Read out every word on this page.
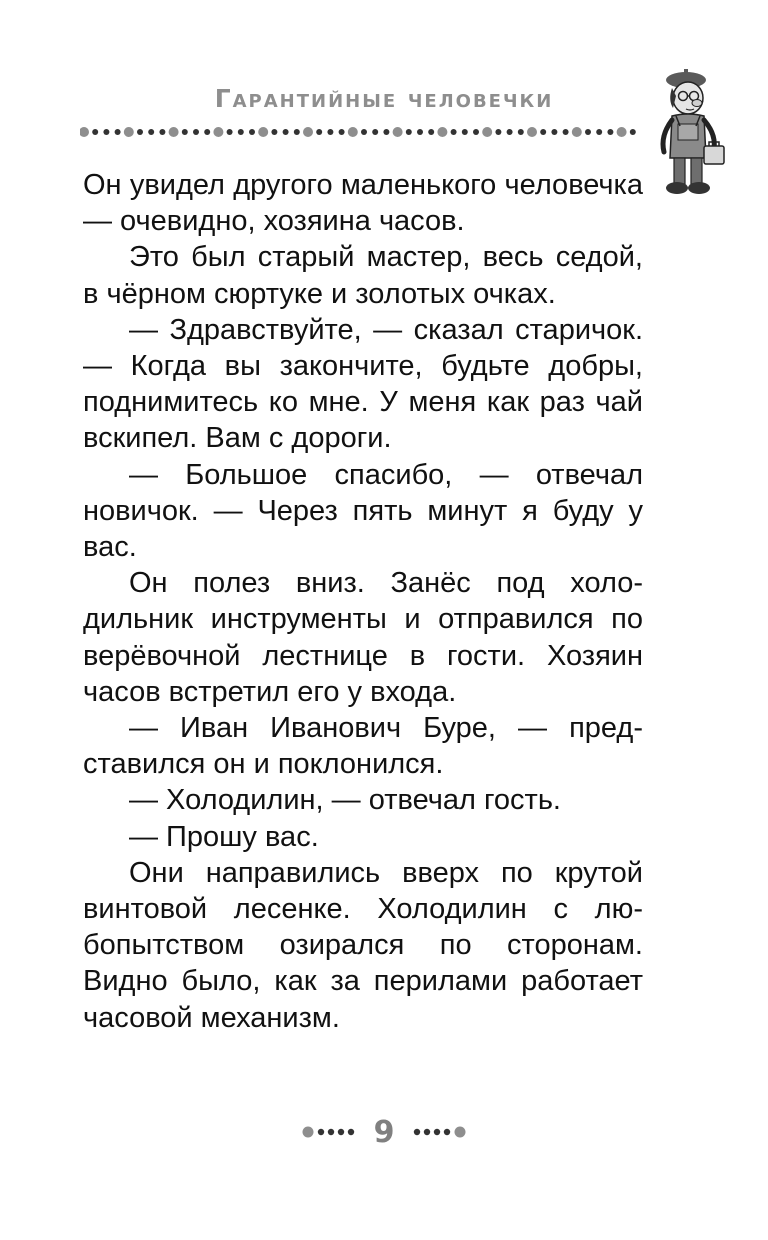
Гарантийные человечки

Он увидел другого маленького человечка — очевидно, хозяина часов.

Это был старый мастер, весь седой, в чёрном сюртуке и золотых очках.

— Здравствуйте, — сказал старичок. — Когда вы закончите, будьте добры, поднимитесь ко мне. У меня как раз чай вскипел. Вам с дороги.

— Большое спасибо, — отвечал новичок. — Через пять минут я буду у вас.

Он полез вниз. Занёс под холодильник инструменты и отправился по верёвочной лестнице в гости. Хозяин часов встретил его у входа.

— Иван Иванович Буре, — представился он и поклонился.

— Холодилин, — отвечал гость.

— Прошу вас.

Они направились вверх по крутой винтовой лесенке. Холодилин с любопытством озирался по сторонам. Видно было, как за перилами работает часовой механизм.

9
